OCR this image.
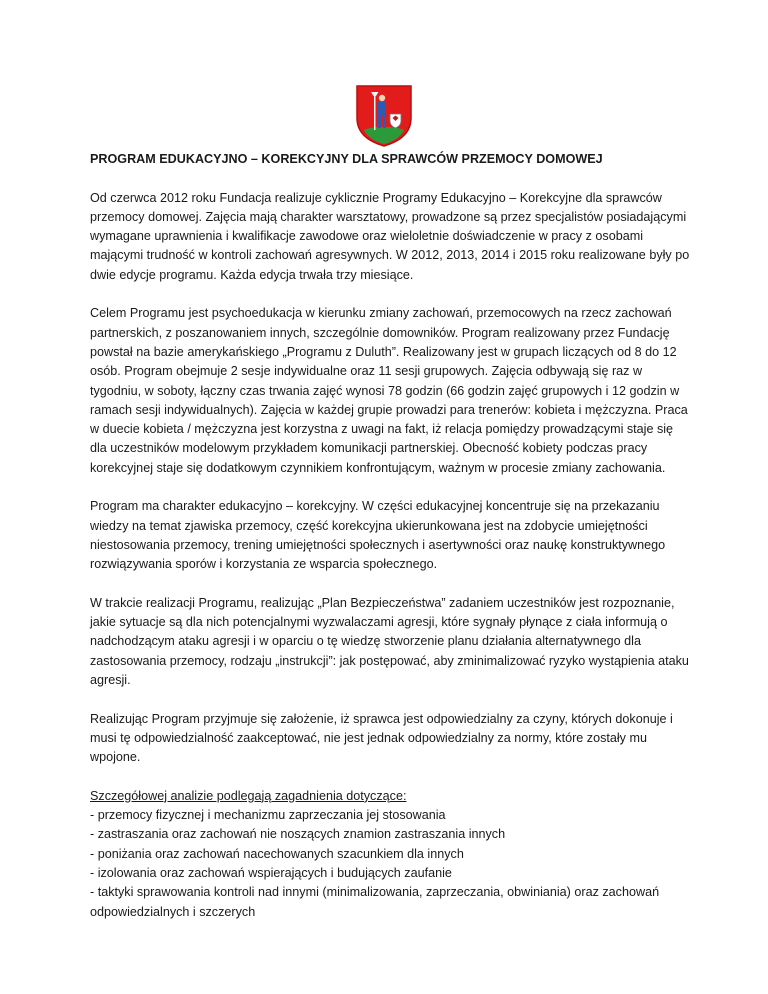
PROGRAM EDUKACYJNO – KOREKCYJNY DLA SPRAWCÓW PRZEMOCY DOMOWEJ

Od czerwca 2012 roku Fundacja realizuje cyklicznie Programy Edukacyjno – Korekcyjne dla sprawców przemocy domowej. Zajęcia mają charakter warsztatowy, prowadzone są przez specjalistów posiadającymi wymagane uprawnienia i kwalifikacje zawodowe oraz wieloletnie doświadczenie w pracy z osobami mającymi trudność w kontroli zachowań agresywnych. W 2012, 2013, 2014 i 2015 roku realizowane były po dwie edycje programu. Każda edycja trwała trzy miesiące.

Celem Programu jest psychoedukacja w kierunku zmiany zachowań, przemocowych na rzecz zachowań partnerskich, z poszanowaniem innych, szczególnie domowników. Program realizowany przez Fundację powstał na bazie amerykańskiego „Programu z Duluth”. Realizowany jest w grupach liczących od 8 do 12 osób. Program obejmuje 2 sesje indywidualne oraz 11 sesji grupowych. Zajęcia odbywają się raz w tygodniu, w soboty, łączny czas trwania zajęć wynosi 78 godzin (66 godzin zajęć grupowych i 12 godzin w ramach sesji indywidualnych). Zajęcia w każdej grupie prowadzi para trenerów: kobieta i mężczyzna. Praca w duecie kobieta / mężczyzna jest korzystna z uwagi na fakt, iż relacja pomiędzy prowadzącymi staje się dla uczestników modelowym przykładem komunikacji partnerskiej. Obecność kobiety podczas pracy korekcyjnej staje się dodatkowym czynnikiem konfrontującym, ważnym w procesie zmiany zachowania.

Program ma charakter edukacyjno – korekcyjny. W części edukacyjnej koncentruje się na przekazaniu wiedzy na temat zjawiska przemocy, część korekcyjna ukierunkowana jest na zdobycie umiejętności niestosowania przemocy, trening umiejętności społecznych i asertywności oraz naukę konstruktywnego rozwiązywania sporów i korzystania ze wsparcia społecznego.

W trakcie realizacji Programu, realizując „Plan Bezpieczeństwa” zadaniem uczestników jest rozpoznanie, jakie sytuacje są dla nich potencjalnymi wyzwalaczami agresji, które sygnały płynące z ciała informują o nadchodzącym ataku agresji i w oparciu o tę wiedzę stworzenie planu działania alternatywnego dla zastosowania przemocy, rodzaju „instrukcji”: jak postępować, aby zminimalizować ryzyko wystąpienia ataku agresji.

Realizując Program przyjmuje się założenie, iż sprawca jest odpowiedzialny za czyny, których dokonuje i musi tę odpowiedzialność zaakceptować, nie jest jednak odpowiedzialny za normy, które zostały mu wpojone.

Szczegółowej analizie podlegają zagadnienia dotyczące:

- przemocy fizycznej i mechanizmu zaprzeczania jej stosowania

- zastraszania oraz zachowań nie noszących znamion zastraszania innych

- poniżania oraz zachowań nacechowanych szacunkiem dla innych

- izolowania oraz zachowań wspierających i budujących zaufanie

- taktyki sprawowania kontroli nad innymi (minimalizowania, zaprzeczania, obwiniania) oraz zachowań odpowiedzialnych i szczerych
